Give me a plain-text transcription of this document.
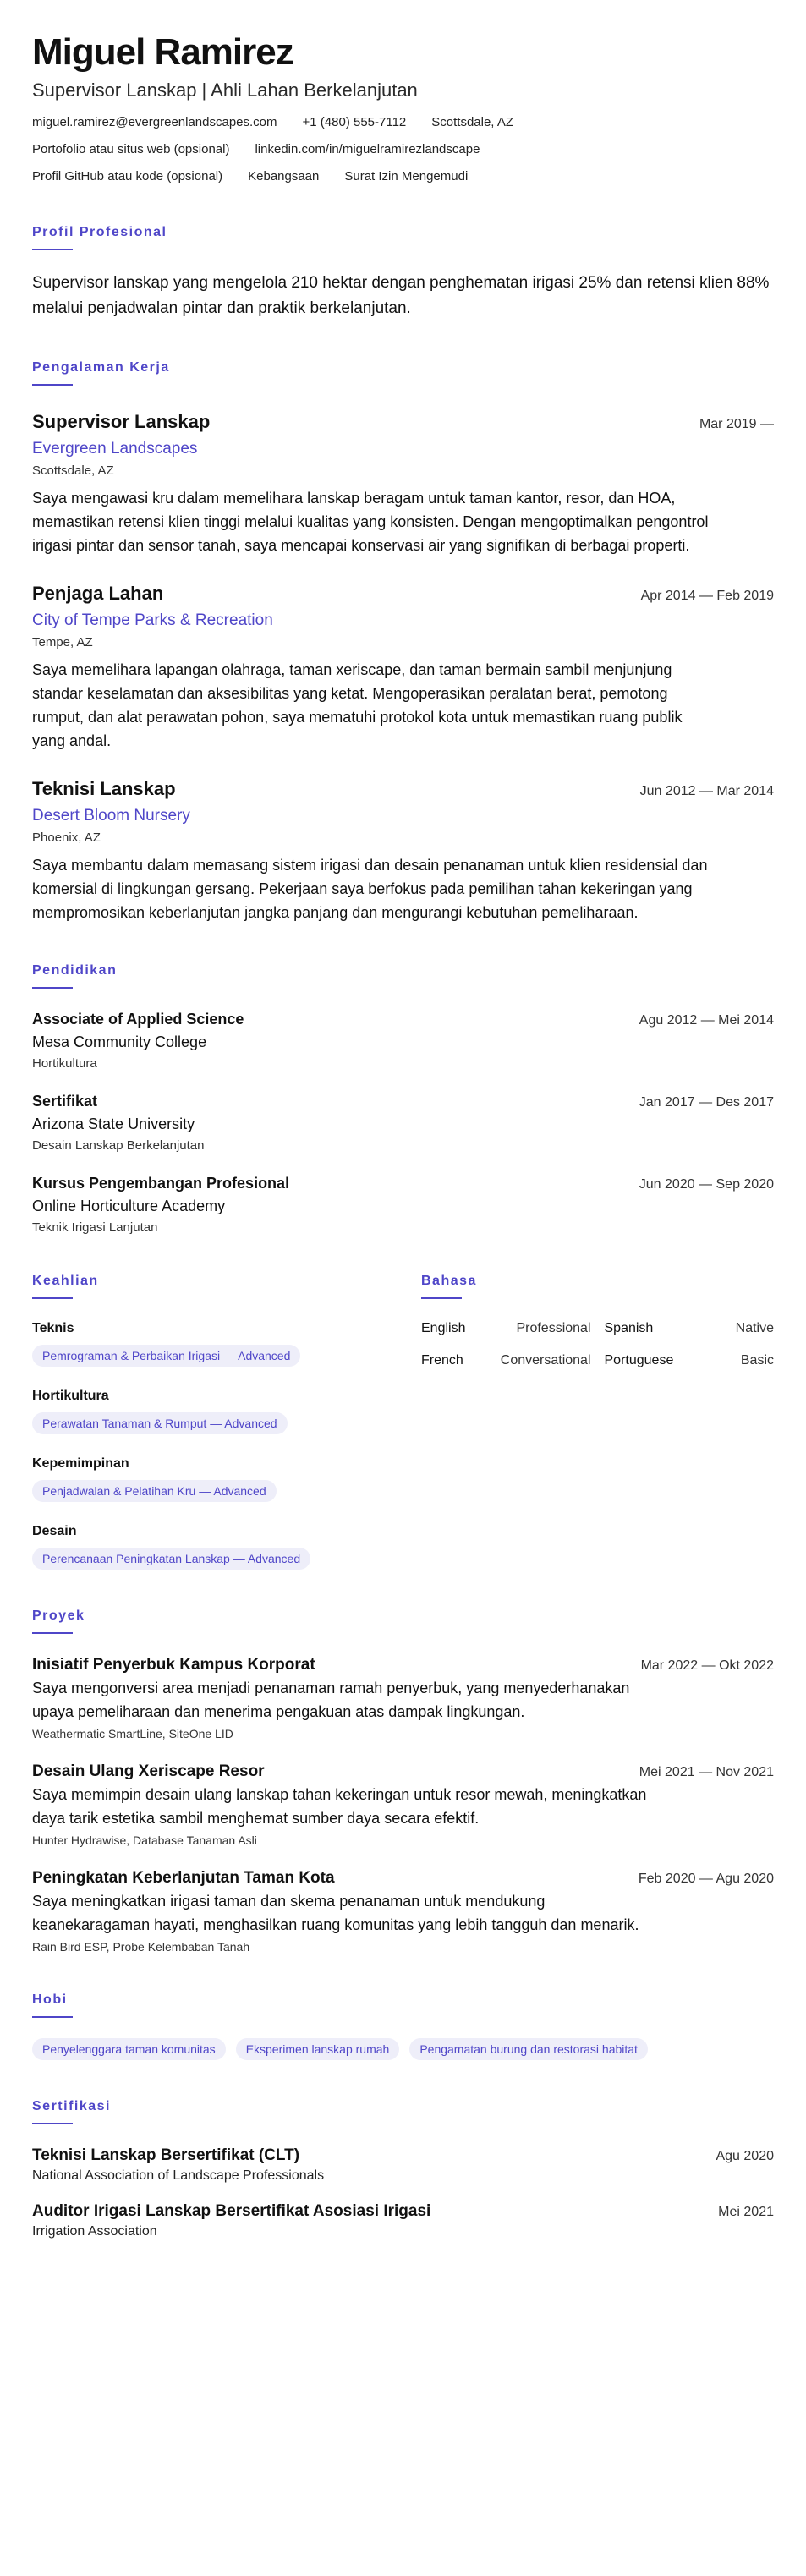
Miguel Ramirez
Supervisor Lanskap | Ahli Lahan Berkelanjutan
miguel.ramirez@evergreenlandscapes.com +1 (480) 555-7112 Scottsdale, AZ
Portofolio atau situs web (opsional) linkedin.com/in/miguelramirezlandscape
Profil GitHub atau kode (opsional) Kebangsaan Surat Izin Mengemudi
Profil Profesional
Supervisor lanskap yang mengelola 210 hektar dengan penghematan irigasi 25% dan retensi klien 88% melalui penjadwalan pintar dan praktik berkelanjutan.
Pengalaman Kerja
Supervisor Lanskap	Mar 2019 —
Evergreen Landscapes
Scottsdale, AZ
Saya mengawasi kru dalam memelihara lanskap beragam untuk taman kantor, resor, dan HOA, memastikan retensi klien tinggi melalui kualitas yang konsisten. Dengan mengoptimalkan pengontrol irigasi pintar dan sensor tanah, saya mencapai konservasi air yang signifikan di berbagai properti.
Penjaga Lahan	Apr 2014 — Feb 2019
City of Tempe Parks & Recreation
Tempe, AZ
Saya memelihara lapangan olahraga, taman xeriscape, dan taman bermain sambil menjunjung standar keselamatan dan aksesibilitas yang ketat. Mengoperasikan peralatan berat, pemotong rumput, dan alat perawatan pohon, saya mematuhi protokol kota untuk memastikan ruang publik yang andal.
Teknisi Lanskap	Jun 2012 — Mar 2014
Desert Bloom Nursery
Phoenix, AZ
Saya membantu dalam memasang sistem irigasi dan desain penanaman untuk klien residensial dan komersial di lingkungan gersang. Pekerjaan saya berfokus pada pemilihan tahan kekeringan yang mempromosikan keberlanjutan jangka panjang dan mengurangi kebutuhan pemeliharaan.
Pendidikan
Associate of Applied Science	Agu 2012 — Mei 2014
Mesa Community College
Hortikultura
Sertifikat	Jan 2017 — Des 2017
Arizona State University
Desain Lanskap Berkelanjutan
Kursus Pengembangan Profesional	Jun 2020 — Sep 2020
Online Horticulture Academy
Teknik Irigasi Lanjutan
Keahlian
Teknis
Pemrograman & Perbaikan Irigasi — Advanced
Hortikultura
Perawatan Tanaman & Rumput — Advanced
Kepemimpinan
Penjadwalan & Pelatihan Kru — Advanced
Desain
Perencanaan Peningkatan Lanskap — Advanced
Bahasa
English	Professional Spanish	Native
French	Conversational Portuguese	Basic
Proyek
Inisiatif Penyerbuk Kampus Korporat	Mar 2022 — Okt 2022
Saya mengonversi area menjadi penanaman ramah penyerbuk, yang menyederhanakan upaya pemeliharaan dan menerima pengakuan atas dampak lingkungan.
Weathermatic SmartLine, SiteOne LID
Desain Ulang Xeriscape Resor	Mei 2021 — Nov 2021
Saya memimpin desain ulang lanskap tahan kekeringan untuk resor mewah, meningkatkan daya tarik estetika sambil menghemat sumber daya secara efektif.
Hunter Hydrawise, Database Tanaman Asli
Peningkatan Keberlanjutan Taman Kota	Feb 2020 — Agu 2020
Saya meningkatkan irigasi taman dan skema penanaman untuk mendukung keanekaragaman hayati, menghasilkan ruang komunitas yang lebih tangguh dan menarik.
Rain Bird ESP, Probe Kelembaban Tanah
Hobi
Penyelenggara taman komunitas	Eksperimen lanskap rumah	Pengamatan burung dan restorasi habitat
Sertifikasi
Teknisi Lanskap Bersertifikat (CLT)	Agu 2020
National Association of Landscape Professionals
Auditor Irigasi Lanskap Bersertifikat Asosiasi Irigasi	Mei 2021
Irrigation Association
